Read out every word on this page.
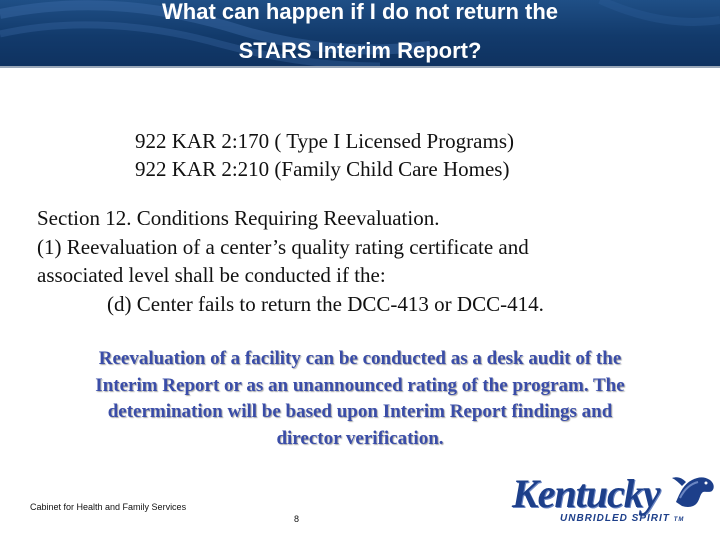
What can happen if I do not return the
STARS Interim Report?
922 KAR 2:170 ( Type I Licensed Programs)
922 KAR 2:210 (Family Child Care Homes)
Section 12. Conditions Requiring Reevaluation.
(1) Reevaluation of a center’s quality rating certificate and
associated level shall be conducted if the:
(d) Center fails to return the DCC-413 or DCC-414.
Reevaluation of a facility can be conducted as a desk audit of the
Interim Report or as an unannounced rating of the program. The
determination will be based upon Interim Report findings and
director verification.
Cabinet for Health and Family Services
8
Kentucky
UNBRIDLED SPIRIT TM
